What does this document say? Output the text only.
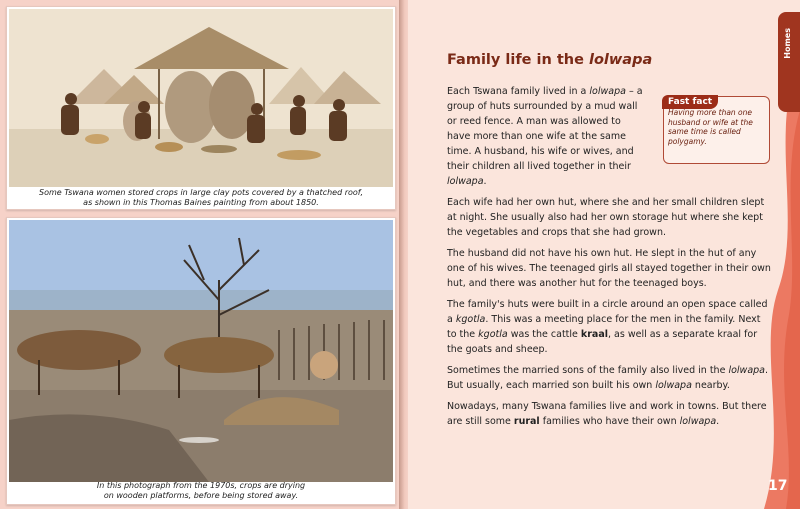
Some Tswana women stored crops in large clay pots covered by a thatched roof,
as shown in this Thomas Baines painting from about 1850.
In this photograph from the 1970s, crops are drying
on wooden platforms, before being stored away.
Homes
Family life in the lolwapa
Fast fact
Having more than one husband or wife at the same time is called polygamy.

Each Tswana family lived in a lolwapa – a group of huts surrounded by a mud wall or reed fence. A man was allowed to have more than one wife at the same time. A husband, his wife or wives, and their children all lived together in their lolwapa.

Each wife had her own hut, where she and her small children slept at night. She usually also had her own storage hut where she kept the vegetables and crops that she had grown.

The husband did not have his own hut. He slept in the hut of any one of his wives. The teenaged girls all stayed together in their own hut, and there was another hut for the teenaged boys.

The family's huts were built in a circle around an open space called a kgotla. This was a meeting place for the men in the family. Next to the kgotla was the cattle kraal, as well as a separate kraal for the goats and sheep.

Sometimes the married sons of the family also lived in the lolwapa. But usually, each married son built his own lolwapa nearby.

Nowadays, many Tswana families live and work in towns. But there are still some rural families who have their own lolwapa.

17
